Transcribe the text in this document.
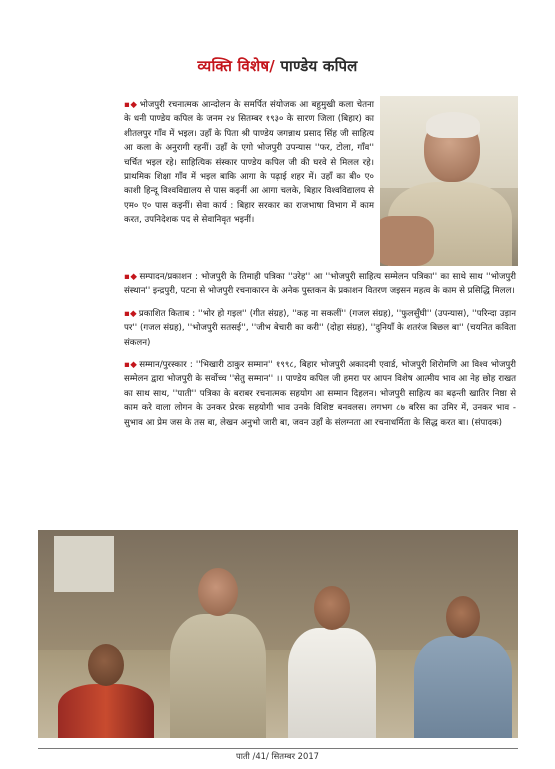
व्यक्ति विशेष/ पाण्डेय कपिल
▪◆ भोजपुरी रचनात्मक आन्दोलन के समर्पित संयोजक आ बहुमुखी कला चेतना के धनी पाण्डेय कपिल के जनम २४ सितम्बर १९३० के सारण जिला (बिहार) का शीतलपुर गाँव में भइल। उहाँ के पिता श्री पाण्डेय जगन्नाथ प्रसाद सिंह जी साहित्य आ कला के अनुरागी रहनीं। उहाँ के एगो भोजपुरी उपन्यास ''फर, टोला, गाँव'' चर्चित भइल रहे। साहित्यिक संस्कार पाण्डेय कपिल जी की घरवे से मिलल रहे। प्राथमिक शिक्षा गाँव में भइल बाकि आगा के पढ़ाई शहर में। उहाँ का बी० ए० काशी हिन्दू विश्वविद्यालय से पास कइनीं आ आगा चलके, बिहार विश्वविद्यालय से एम० ए० पास कइनीं। सेवा कार्य : बिहार सरकार का राजभाषा विभाग में काम करत, उपनिदेशक पद से सेवानिवृत भइनीं।
▪◆ सम्पादन/प्रकाशन : भोजपुरी के तिमाही पत्रिका ''उरेह'' आ ''भोजपुरी साहित्य सम्मेलन पत्रिका'' का साथे साथ ''भोजपुरी संस्थान'' इन्द्रपुरी, पटना से भोजपुरी रचनाकारन के अनेक पुस्तकन के प्रकाशन वितरण जइसन महत्व के काम से प्रसिद्धि मिलल।
▪◆ प्रकाशित किताब : ''भोर हो गइल'' (गीत संग्रह), ''कह ना सकलीं'' (गजल संग्रह), ''फुलसुँघी'' (उपन्यास), ''परिन्दा उड़ान पर'' (गजल संग्रह), ''भोजपुरी सतसई'', ''जीभ बेचारी का करी'' (दोहा संग्रह), ''दुनियाँ के शतरंज बिछल बा'' (चयनित कविता संकलन)
▪◆ सम्मान/पुरस्कार : ''भिखारी ठाकुर सम्मान'' १९९८, बिहार भोजपुरी अकादमी एवार्ड, भोजपुरी शिरोमणि आ विश्व भोजपुरी सम्मेलन द्वारा भोजपुरी के सर्वोच्च ''सेतु सम्मान'' ।। पाण्डेय कपिल जी हमरा पर आपन विशेष आत्मीय भाव आ नेह छोह राखत का साथ साथ, ''पाती'' पत्रिका के बराबर रचनात्मक सहयोग आ सम्मान दिहलन। भोजपुरी साहित्य का बढ़न्ती खातिर निष्ठा से काम करे वाला लोगन के उनकर प्रेरक सहयोगी भाव उनके विशिष्ट बनवलस। लगभग ८७ बरिस का उमिर में, उनकर भाव - सुभाव आ प्रेम जस के तस बा, लेखन अनुभो जारी बा, जवन उहाँ के संलग्नता आ रचनाधर्मिता के सिद्ध करत बा। (संपादक)
पाती /41/ सितम्बर 2017
